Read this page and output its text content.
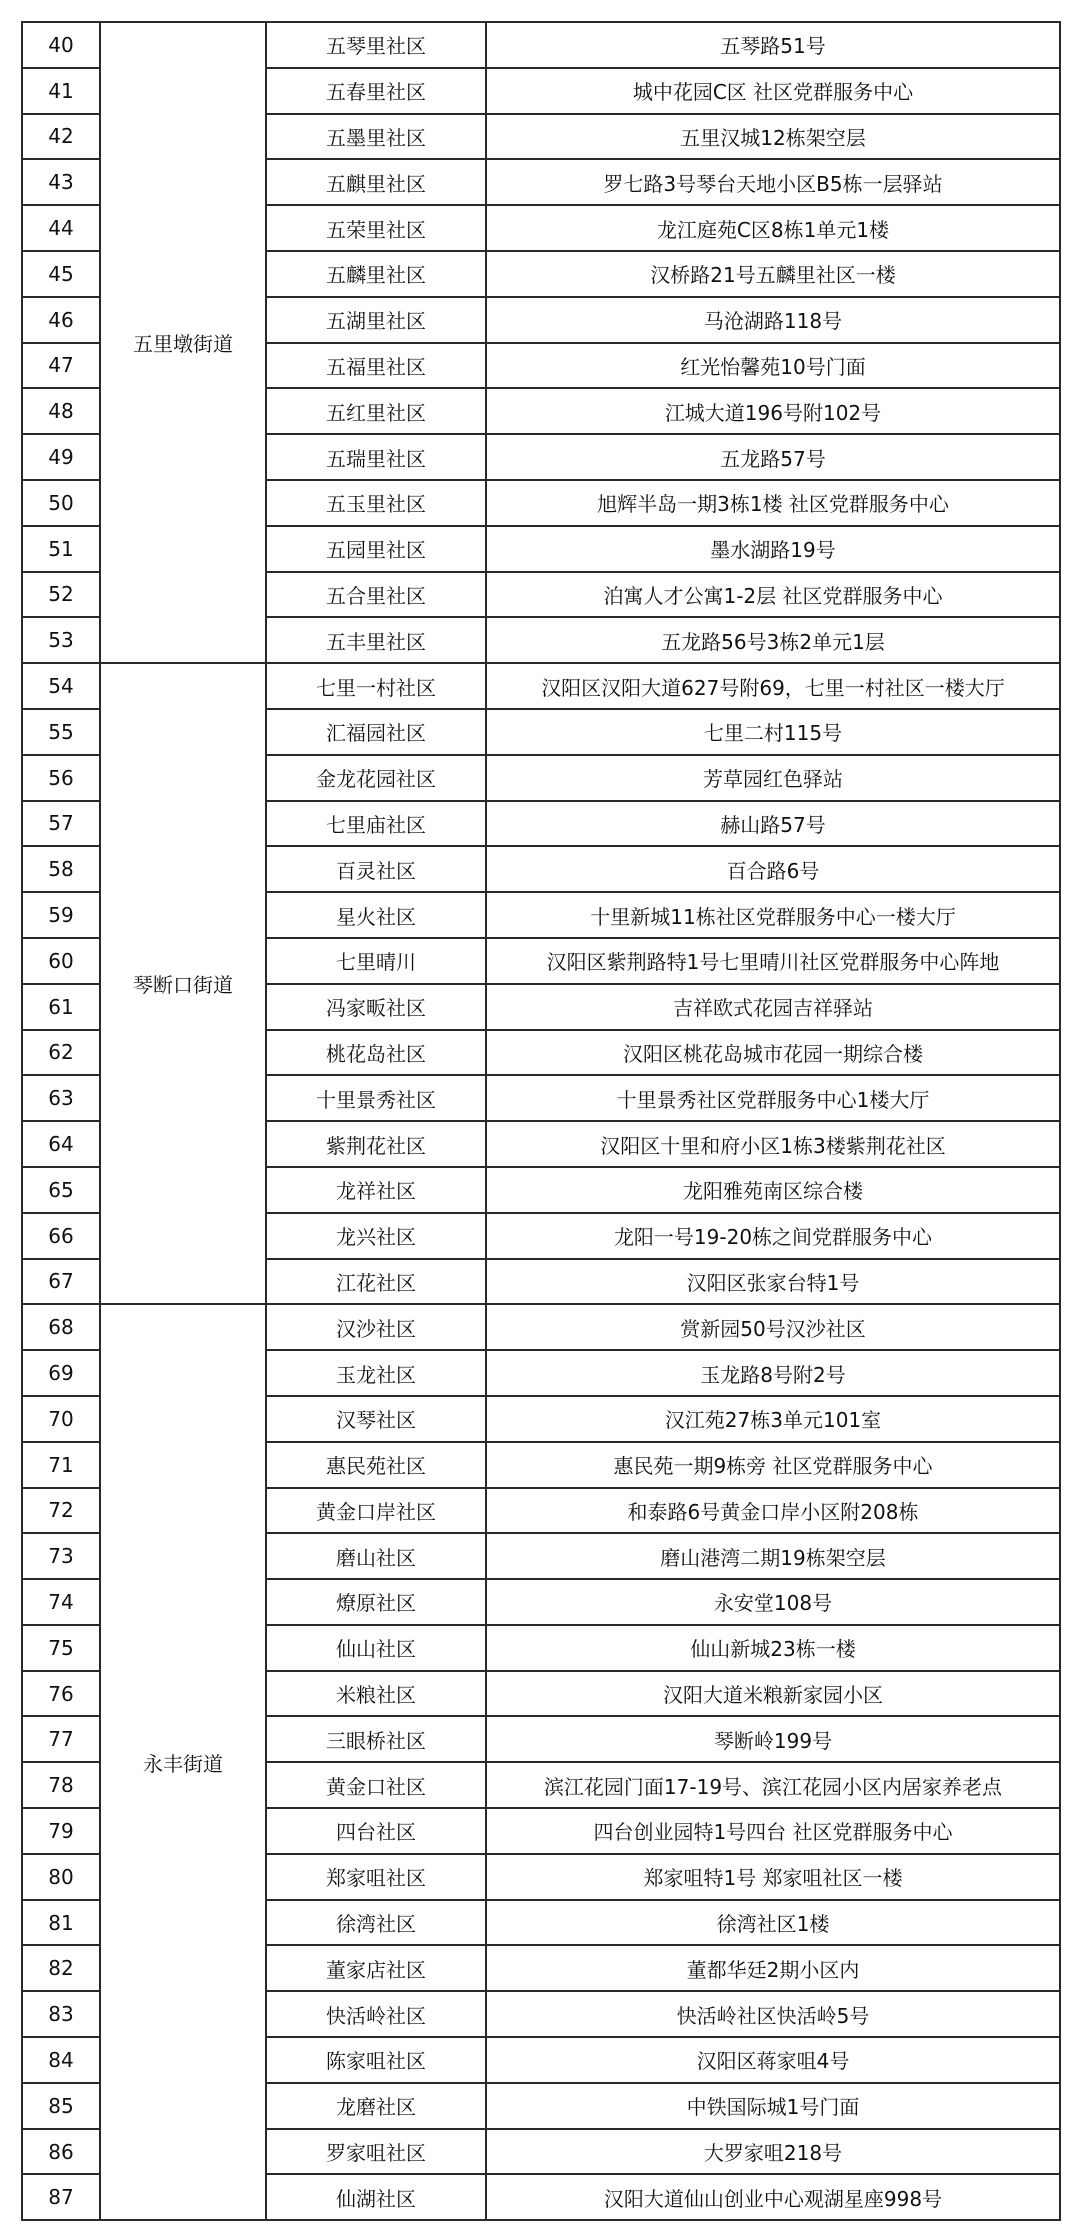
40	五里墩街道	五琴里社区	五琴路51号
41		五春里社区	城中花园C区 社区党群服务中心
42		五墨里社区	五里汉城12栋架空层
43		五麒里社区	罗七路3号琴台天地小区B5栋一层驿站
44		五荣里社区	龙江庭苑C区8栋1单元1楼
45		五麟里社区	汉桥路21号五麟里社区一楼
46		五湖里社区	马沧湖路118号
47		五福里社区	红光怡馨苑10号门面
48		五红里社区	江城大道196号附102号
49		五瑞里社区	五龙路57号
50		五玉里社区	旭辉半岛一期3栋1楼 社区党群服务中心
51		五园里社区	墨水湖路19号
52		五合里社区	泊寓人才公寓1-2层 社区党群服务中心
53		五丰里社区	五龙路56号3栋2单元1层
54	琴断口街道	七里一村社区	汉阳区汉阳大道627号附69，七里一村社区一楼大厅
55		汇福园社区	七里二村115号
56		金龙花园社区	芳草园红色驿站
57		七里庙社区	赫山路57号
58		百灵社区	百合路6号
59		星火社区	十里新城11栋社区党群服务中心一楼大厅
60		七里晴川	汉阳区紫荆路特1号七里晴川社区党群服务中心阵地
61		冯家畈社区	吉祥欧式花园吉祥驿站
62		桃花岛社区	汉阳区桃花岛城市花园一期综合楼
63		十里景秀社区	十里景秀社区党群服务中心1楼大厅
64		紫荆花社区	汉阳区十里和府小区1栋3楼紫荆花社区
65		龙祥社区	龙阳雅苑南区综合楼
66		龙兴社区	龙阳一号19-20栋之间党群服务中心
67		江花社区	汉阳区张家台特1号
68	永丰街道	汉沙社区	赏新园50号汉沙社区
69		玉龙社区	玉龙路8号附2号
70		汉琴社区	汉江苑27栋3单元101室
71		惠民苑社区	惠民苑一期9栋旁 社区党群服务中心
72		黄金口岸社区	和泰路6号黄金口岸小区附208栋
73		磨山社区	磨山港湾二期19栋架空层
74		燎原社区	永安堂108号
75		仙山社区	仙山新城23栋一楼
76		米粮社区	汉阳大道米粮新家园小区
77		三眼桥社区	琴断岭199号
78		黄金口社区	滨江花园门面17-19号、滨江花园小区内居家养老点
79		四台社区	四台创业园特1号四台 社区党群服务中心
80		郑家咀社区	郑家咀特1号 郑家咀社区一楼
81		徐湾社区	徐湾社区1楼
82		董家店社区	董都华廷2期小区内
83		快活岭社区	快活岭社区快活岭5号
84		陈家咀社区	汉阳区蒋家咀4号
85		龙磨社区	中铁国际城1号门面
86		罗家咀社区	大罗家咀218号
87		仙湖社区	汉阳大道仙山创业中心观湖星座998号
